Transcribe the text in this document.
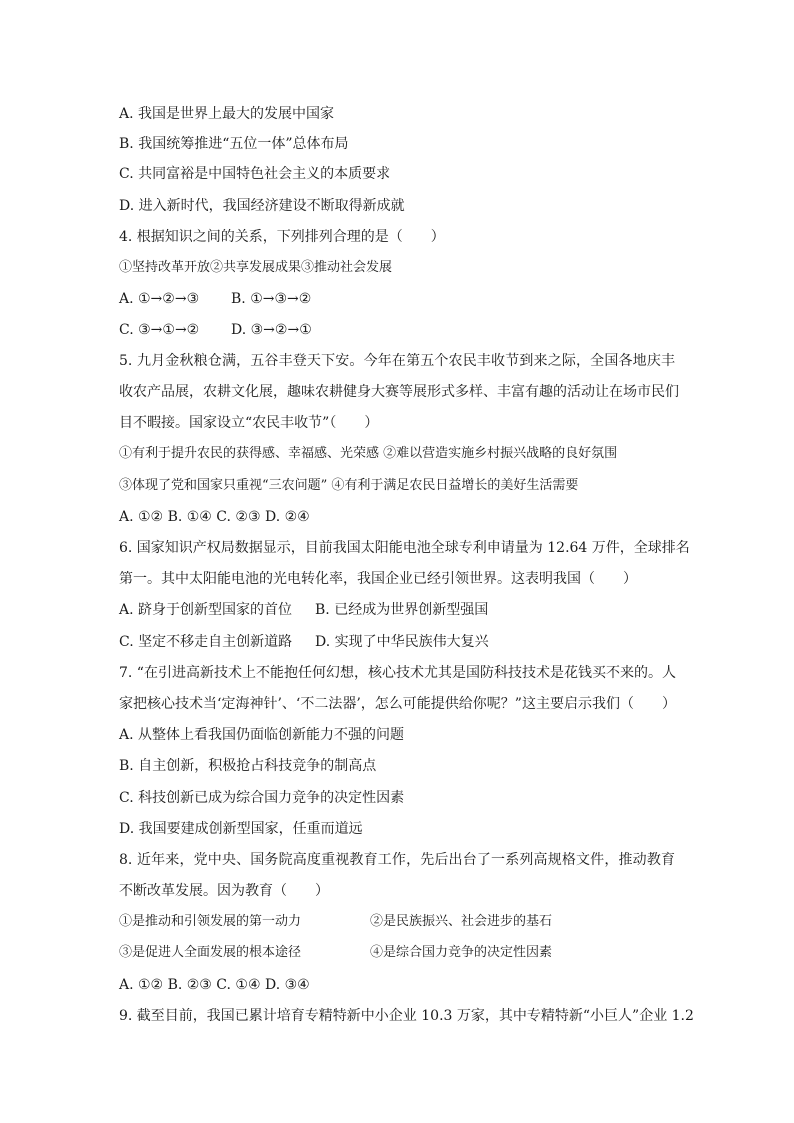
A. 我国是世界上最大的发展中国家
B. 我国统筹推进“五位一体”总体布局
C. 共同富裕是中国特色社会主义的本质要求
D. 进入新时代，我国经济建设不断取得新成就
4. 根据知识之间的关系，下列排列合理的是（　　）
①坚持改革开放②共享发展成果③推动社会发展
A. ①→②→③ B. ①→③→②
C. ③→①→② D. ③→②→①
5. 九月金秋粮仓满，五谷丰登天下安。今年在第五个农民丰收节到来之际，全国各地庆丰
收农产品展，农耕文化展，趣味农耕健身大赛等展形式多样、丰富有趣的活动让在场市民们
目不暇接。国家设立“农民丰收节”（　　）
①有利于提升农民的获得感、幸福感、光荣感 ②难以营造实施乡村振兴战略的良好氛围
③体现了党和国家只重视“三农问题” ④有利于满足农民日益增长的美好生活需要
A. ①② B. ①④ C. ②③ D. ②④
6. 国家知识产权局数据显示，目前我国太阳能电池全球专利申请量为 12.64 万件，全球排名
第一。其中太阳能电池的光电转化率，我国企业已经引领世界。这表明我国（　　）
A. 跻身于创新型国家的首位 B. 已经成为世界创新型强国
C. 坚定不移走自主创新道路 D. 实现了中华民族伟大复兴
7. “在引进高新技术上不能抱任何幻想，核心技术尤其是国防科技技术是花钱买不来的。人
家把核心技术当‘定海神针’、‘不二法器’，怎么可能提供给你呢？”这主要启示我们（　　）
A. 从整体上看我国仍面临创新能力不强的问题
B. 自主创新，积极抢占科技竞争的制高点
C. 科技创新已成为综合国力竞争的决定性因素
D. 我国要建成创新型国家，任重而道远
8. 近年来，党中央、国务院高度重视教育工作，先后出台了一系列高规格文件，推动教育
不断改革发展。因为教育（　　）
①是推动和引领发展的第一动力	②是民族振兴、社会进步的基石
③是促进人全面发展的根本途径	④是综合国力竞争的决定性因素
A. ①② B. ②③ C. ①④ D. ③④
9. 截至目前，我国已累计培育专精特新中小企业 10.3 万家，其中专精特新“小巨人”企业 1.2
